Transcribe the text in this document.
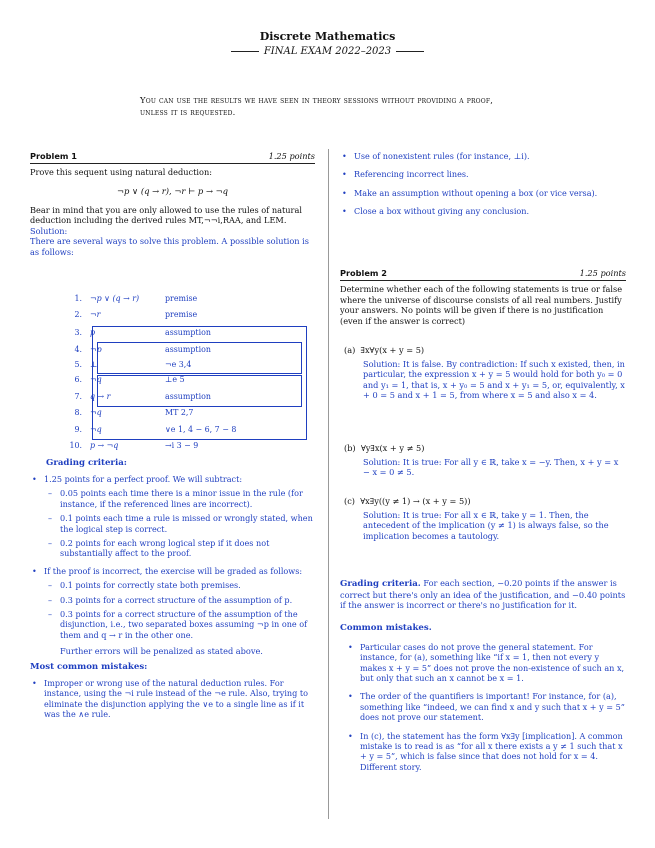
Discrete Mathematics
FINAL EXAM 2022–2023
You can use the results we have seen in theory sessions without providing a proof, unless it is requested.
Problem 1	1.25 points

Prove this sequent using natural deduction:

¬p ∨ (q → r), ¬r ⊢ p → ¬q

Bear in mind that you are only allowed to use the rules of natural deduction including the derived rules MT,¬¬i,RAA, and LEM.

Solution:

There are several ways to solve this problem. A possible solution is as follows:

1. ¬p ∨ (q → r)	premise
2. ¬r	premise
3. p	assumption
4. ¬p	assumption
5. ⊥	¬e 3,4
6. ¬q	⊥e 5
7. q → r	assumption
8. ¬q	MT 2,7
9. ¬q	∨e 1, 4 − 6, 7 − 8
10. p → ¬q	→i 3 − 9
Grading criteria:
• 1.25 points for a perfect proof. We will subtract:
– 0.05 points each time there is a minor issue in the rule (for instance, if the referenced lines are incorrect).
– 0.1 points each time a rule is missed or wrongly stated, when the logical step is correct.
– 0.2 points for each wrong logical step if it does not substantially affect to the proof.
• If the proof is incorrect, the exercise will be graded as follows:
– 0.1 points for correctly state both premises.
– 0.3 points for a correct structure of the assumption of p.
– 0.3 points for a correct structure of the assumption of the disjunction, i.e., two separated boxes assuming ¬p in one of them and q → r in the other one.
Further errors will be penalized as stated above.
Most common mistakes:
• Improper or wrong use of the natural deduction rules. For instance, using the ¬i rule instead of the ¬e rule. Also, trying to eliminate the disjunction applying the ∨e to a single line as if it was the ∧e rule.
• Use of nonexistent rules (for instance, ⊥i).
• Referencing incorrect lines.
• Make an assumption without opening a box (or vice versa).
• Close a box without giving any conclusion.
Problem 2	1.25 points

Determine whether each of the following statements is true or false where the universe of discourse consists of all real numbers. Justify your answers. No points will be given if there is no justification (even if the answer is correct)

(a) ∃x∀y(x + y = 5)
Solution: It is false. By contradiction: If such x existed, then, in particular, the expression x + y = 5 would hold for both y₀ = 0 and y₁ = 1, that is, x + y₀ = 5 and x + y₁ = 5, or, equivalently, x + 0 = 5 and x + 1 = 5, from where x = 5 and also x = 4.
(b) ∀y∃x(x + y ≠ 5)
Solution: It is true: For all y ∈ ℝ, take x = −y. Then, x + y = x − x = 0 ≠ 5.
(c) ∀x∃y((y ≠ 1) → (x + y = 5))
Solution: It is true: For all x ∈ ℝ, take y = 1. Then, the antecedent of the implication (y ≠ 1) is always false, so the implication becomes a tautology.
Grading criteria. For each section, −0.20 points if the answer is correct but there's only an idea of the justification, and −0.40 points if the answer is incorrect or there's no justification for it.
Common mistakes.
• Particular cases do not prove the general statement. For instance, for (a), something like “if x = 1, then not every y makes x + y = 5” does not prove the non-existence of such an x, but only that such an x cannot be x = 1.
• The order of the quantifiers is important! For instance, for (a), something like “indeed, we can find x and y such that x + y = 5” does not prove our statement.
• In (c), the statement has the form ∀x∃y [implication]. A common mistake is to read is as “for all x there exists a y ≠ 1 such that x + y = 5”, which is false since that does not hold for x = 4. Different story.
